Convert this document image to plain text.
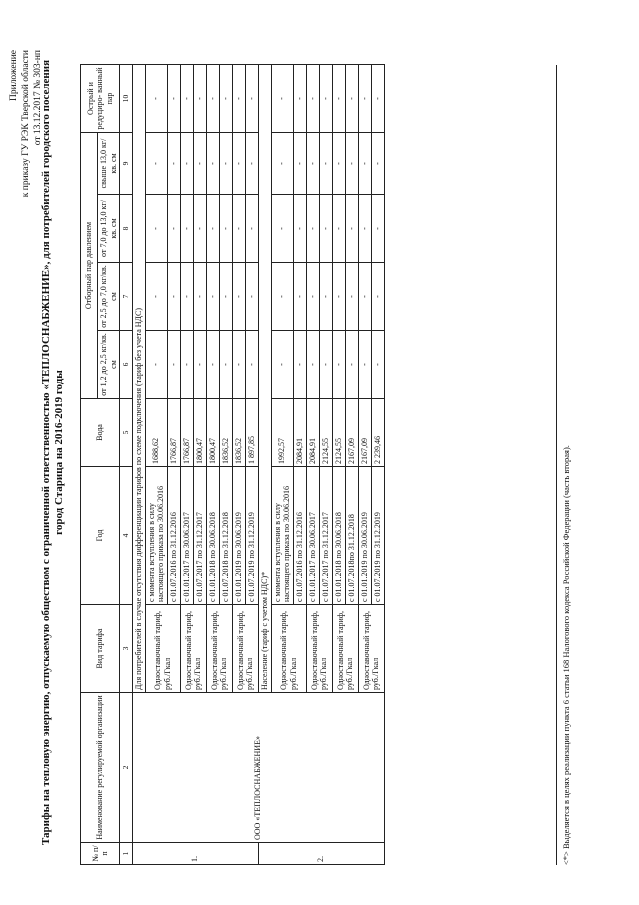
Приложение к приказу ГУ РЭК Тверской области от 13.12.2017 № 303-нп
Тарифы на тепловую энергию, отпускаемую обществом с ограниченной ответственностью «ТЕПЛОСНАБЖЕНИЕ», для потребителей городского поселения город Старица на 2016-2019 годы
№ п/ п	Наименование регулируемой организации	Вид тарифа	Год	Вода	Отборный пар давлением				Острый и редуциро- ванный пар
					от 1,2 до 2,5 кг/кв. см	от 2,5 до 7,0 кг/кв. см	от 7,0 до 13,0 кг/кв. см	свыше 13,0 кг/кв. см	
1	2	3	4	5	6	7	8	9	10
1.	ООО «ТЕПЛОСНАБЖЕНИЕ»	Для потребителей в случае отсутствия дифференциации тарифов по схеме подключения (тариф без учета НДС)							
		Одноставочный тариф, руб./Гкал	с момента вступления в силу настоящего приказа по 30.06.2016	1688,62	-	-	-	-	-
			с 01.07.2016 по 31.12.2016	1766,87	-	-	-	-	-
		Одноставочный тариф, руб./Гкал	с 01.01.2017 по 30.06.2017	1766,87	-	-	-	-	-
			с 01.07.2017 по 31.12.2017	1800,47	-	-	-	-	-
		Одноставочный тариф, руб./Гкал	с 01.01.2018 по 30.06.2018	1800,47	-	-	-	-	-
			с 01.07.2018 по 31.12.2018	1836,52	-	-	-	-	-
		Одноставочный тариф, руб./Гкал	с 01.01.2019 по 30.06.2019	1836,52	-	-	-	-	-
			с 01.07.2019 по 31.12.2019	1 897,85	-	-	-	-	-
2.		Население (тариф с учетом НДС)*							
		Одноставочный тариф, руб./Гкал	с момента вступления в силу настоящего приказа по 30.06.2016	1992,57	-	-	-	-	-
			с 01.07.2016 по 31.12.2016	2084,91	-	-	-	-	-
		Одноставочный тариф, руб./Гкал	с 01.01.2017 по 30.06.2017	2084,91	-	-	-	-	-
			с 01.07.2017 по 31.12.2017	2124,55	-	-	-	-	-
		Одноставочный тариф, руб./Гкал	с 01.01.2018 по 30.06.2018	2124,55	-	-	-	-	-
			с 01.07.2018по 31.12.2018	2167,09	-	-	-	-	-
		Одноставочный тариф, руб./Гкал	с 01.01.2019 по 30.06.2019	2167,09	-	-	-	-	-
			с 01.07.2019 по 31.12.2019	2 239,46	-	-	-	-	-
<*> Выделяется в целях реализации пункта 6 статьи 168 Налогового кодекса Российской Федерации (часть вторая).
